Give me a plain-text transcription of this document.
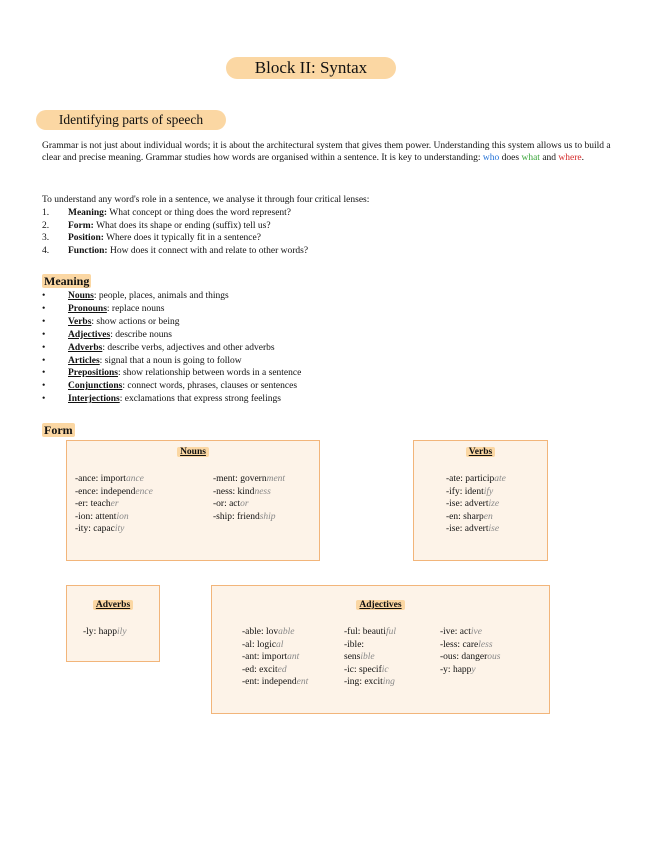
Block II: Syntax
Identifying parts of speech

Grammar is not just about individual words; it is about the architectural system that gives them power. Understanding this system allows us to build a clear and precise meaning. Grammar studies how words are organised within a sentence. It is key to understanding: who does what and where.

To understand any word's role in a sentence, we analyse it through four critical lenses:

1. Meaning: What concept or thing does the word represent?
2. Form: What does its shape or ending (suffix) tell us?
3. Position: Where does it typically fit in a sentence?
4. Function: How does it connect with and relate to other words?
Meaning
• Nouns: people, places, animals and things
• Pronouns: replace nouns
• Verbs: show actions or being
• Adjectives: describe nouns
• Adverbs: describe verbs, adjectives and other adverbs
• Articles: signal that a noun is going to follow
• Prepositions: show relationship between words in a sentence
• Conjunctions: connect words, phrases, clauses or sentences
• Interjections: exclamations that express strong feelings
Form
Nouns
-ance: importance
-ence: independence
-er: teacher
-ion: attention
-ity: capacity
-ment: government
-ness: kindness
-or: actor
-ship: friendship
Verbs
-ate: participate
-ify: identify
-ise: advertize
-en: sharpen
-ise: advertise
Adverbs
-ly: happily
Adjectives
-able: lovable
-al: logical
-ant: important
-ed: excited
-ent: independent
-ful: beautiful
-ible:
sensible
-ic: specific
-ing: exciting
-ive: active
-less: careless
-ous: dangerous
-y: happy
